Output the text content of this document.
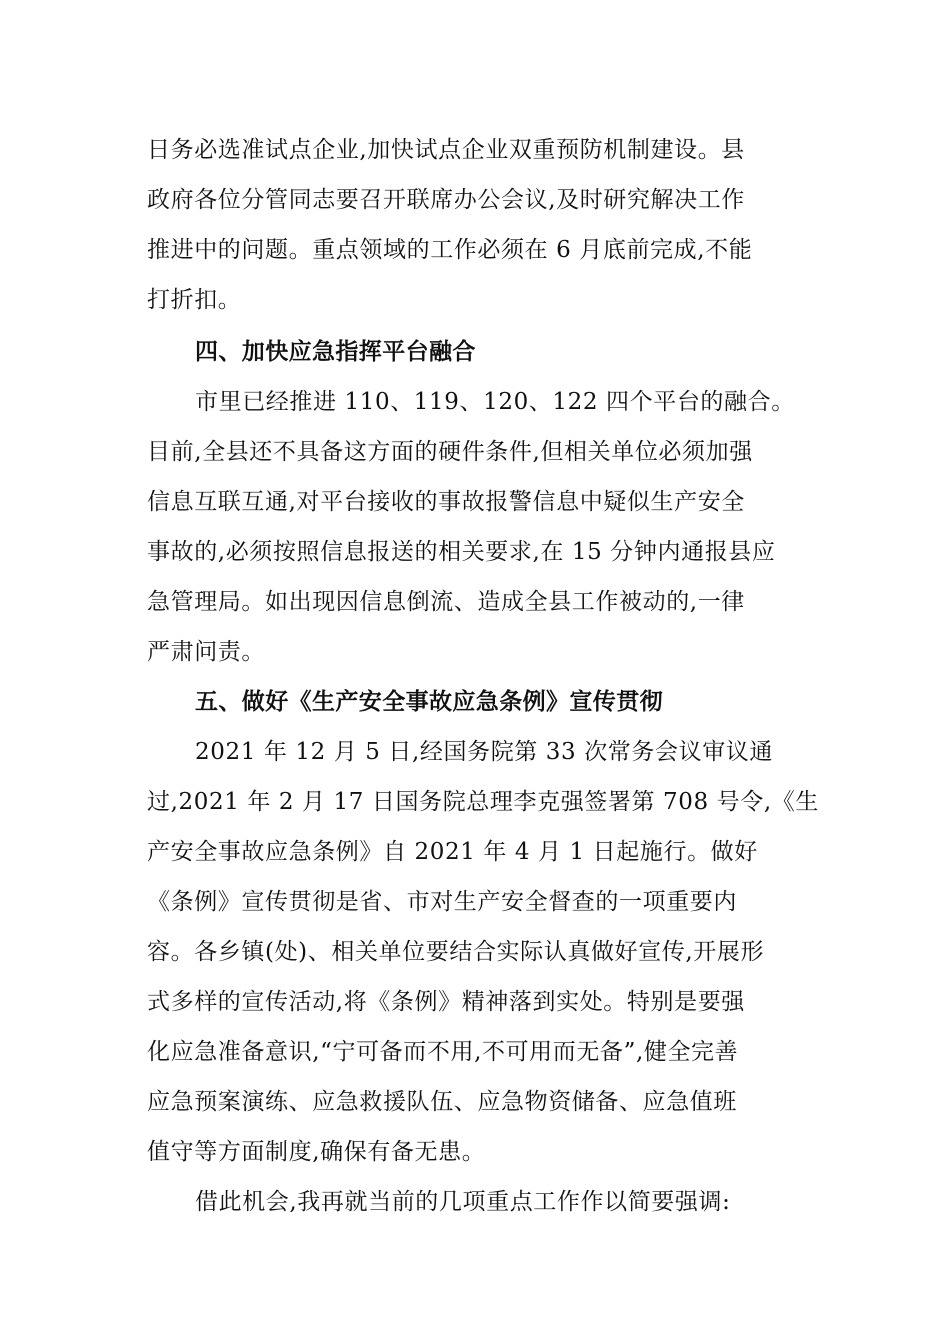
日务必选准试点企业,加快试点企业双重预防机制建设。县
政府各位分管同志要召开联席办公会议,及时研究解决工作
推进中的问题。重点领域的工作必须在 6 月底前完成,不能
打折扣。
四、加快应急指挥平台融合
市里已经推进 110、119、120、122 四个平台的融合。
目前,全县还不具备这方面的硬件条件,但相关单位必须加强
信息互联互通,对平台接收的事故报警信息中疑似生产安全
事故的,必须按照信息报送的相关要求,在 15 分钟内通报县应
急管理局。如出现因信息倒流、造成全县工作被动的,一律
严肃问责。
五、做好《生产安全事故应急条例》宣传贯彻
2021 年 12 月 5 日,经国务院第 33 次常务会议审议通
过,2021 年 2 月 17 日国务院总理李克强签署第 708 号令,《生
产安全事故应急条例》自 2021 年 4 月 1 日起施行。做好
《条例》宣传贯彻是省、市对生产安全督查的一项重要内
容。各乡镇(处)、相关单位要结合实际认真做好宣传,开展形
式多样的宣传活动,将《条例》精神落到实处。特别是要强
化应急准备意识,“宁可备而不用,不可用而无备”,健全完善
应急预案演练、应急救援队伍、应急物资储备、应急值班
值守等方面制度,确保有备无患。
借此机会,我再就当前的几项重点工作作以简要强调:
